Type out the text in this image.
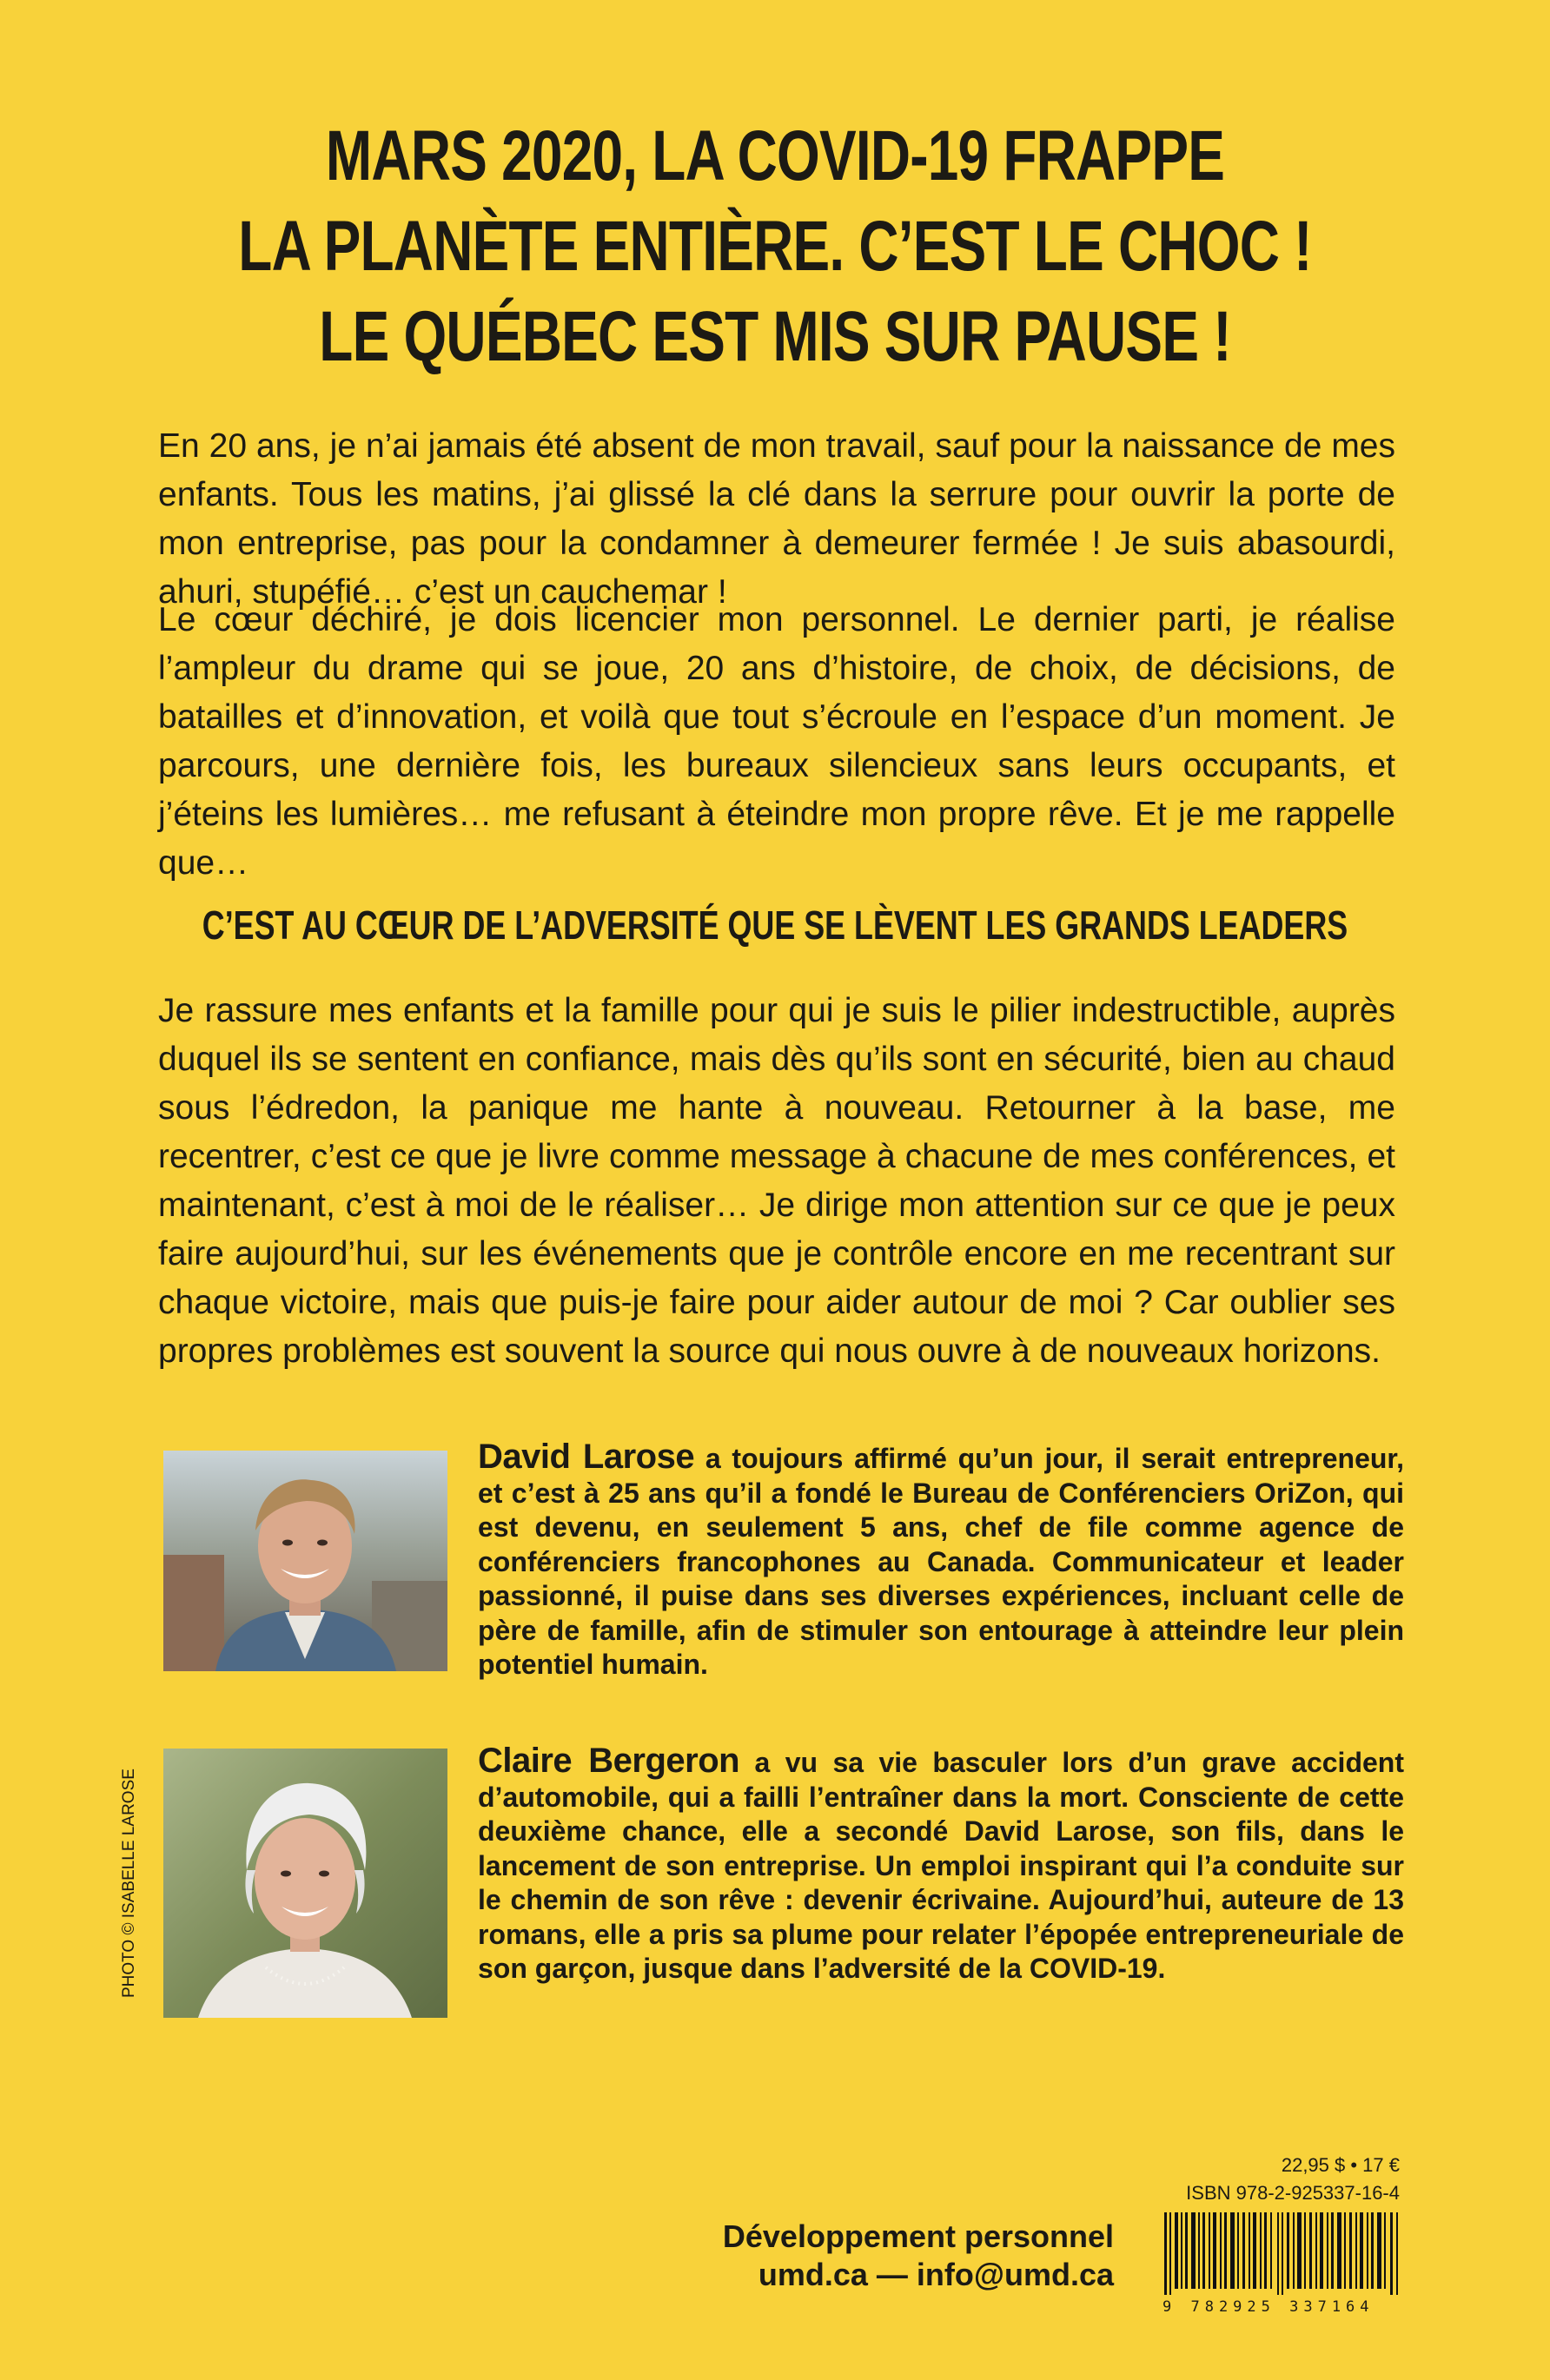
MARS 2020, LA COVID-19 FRAPPE
LA PLANÈTE ENTIÈRE. C’EST LE CHOC !
LE QUÉBEC EST MIS SUR PAUSE !

En 20 ans, je n’ai jamais été absent de mon travail, sauf pour la naissance de mes enfants. Tous les matins, j’ai glissé la clé dans la serrure pour ouvrir la porte de mon entreprise, pas pour la condamner à demeurer fermée ! Je suis abasourdi, ahuri, stupéfié… c’est un cauchemar !

Le cœur déchiré, je dois licencier mon personnel. Le dernier parti, je réalise l’ampleur du drame qui se joue, 20 ans d’histoire, de choix, de décisions, de batailles et d’innovation, et voilà que tout s’écroule en l’espace d’un moment. Je parcours, une dernière fois, les bureaux silencieux sans leurs occupants, et j’éteins les lumières… me refusant à éteindre mon propre rêve. Et je me rappelle que…

C’EST AU CŒUR DE L’ADVERSITÉ QUE SE LÈVENT LES GRANDS LEADERS

Je rassure mes enfants et la famille pour qui je suis le pilier indestructible, auprès duquel ils se sentent en confiance, mais dès qu’ils sont en sécurité, bien au chaud sous l’édredon, la panique me hante à nouveau. Retourner à la base, me recentrer, c’est ce que je livre comme message à chacune de mes conférences, et maintenant, c’est à moi de le réaliser… Je dirige mon attention sur ce que je peux faire aujourd’hui, sur les événements que je contrôle encore en me recentrant sur chaque victoire, mais que puis-je faire pour aider autour de moi ? Car oublier ses propres problèmes est souvent la source qui nous ouvre à de nouveaux horizons.

David Larose a toujours affirmé qu’un jour, il serait entrepreneur, et c’est à 25 ans qu’il a fondé le Bureau de Conférenciers OriZon, qui est devenu, en seulement 5 ans, chef de file comme agence de conférenciers francophones au Canada. Communicateur et leader passionné, il puise dans ses diverses expériences, incluant celle de père de famille, afin de stimuler son entourage à atteindre leur plein potentiel humain.

PHOTO © ISABELLE LAROSE

Claire Bergeron a vu sa vie basculer lors d’un grave accident d’automobile, qui a failli l’entraîner dans la mort. Consciente de cette deuxième chance, elle a secondé David Larose, son fils, dans le lancement de son entreprise. Un emploi inspirant qui l’a conduite sur le chemin de son rêve : devenir écrivaine. Aujourd’hui, auteure de 13 romans, elle a pris sa plume pour relater l’épopée entrepreneuriale de son garçon, jusque dans l’adversité de la COVID-19.

22,95 $ • 17 €
ISBN 978-2-925337-16-4
9 782925 337164
Développement personnel
umd.ca — info@umd.ca
